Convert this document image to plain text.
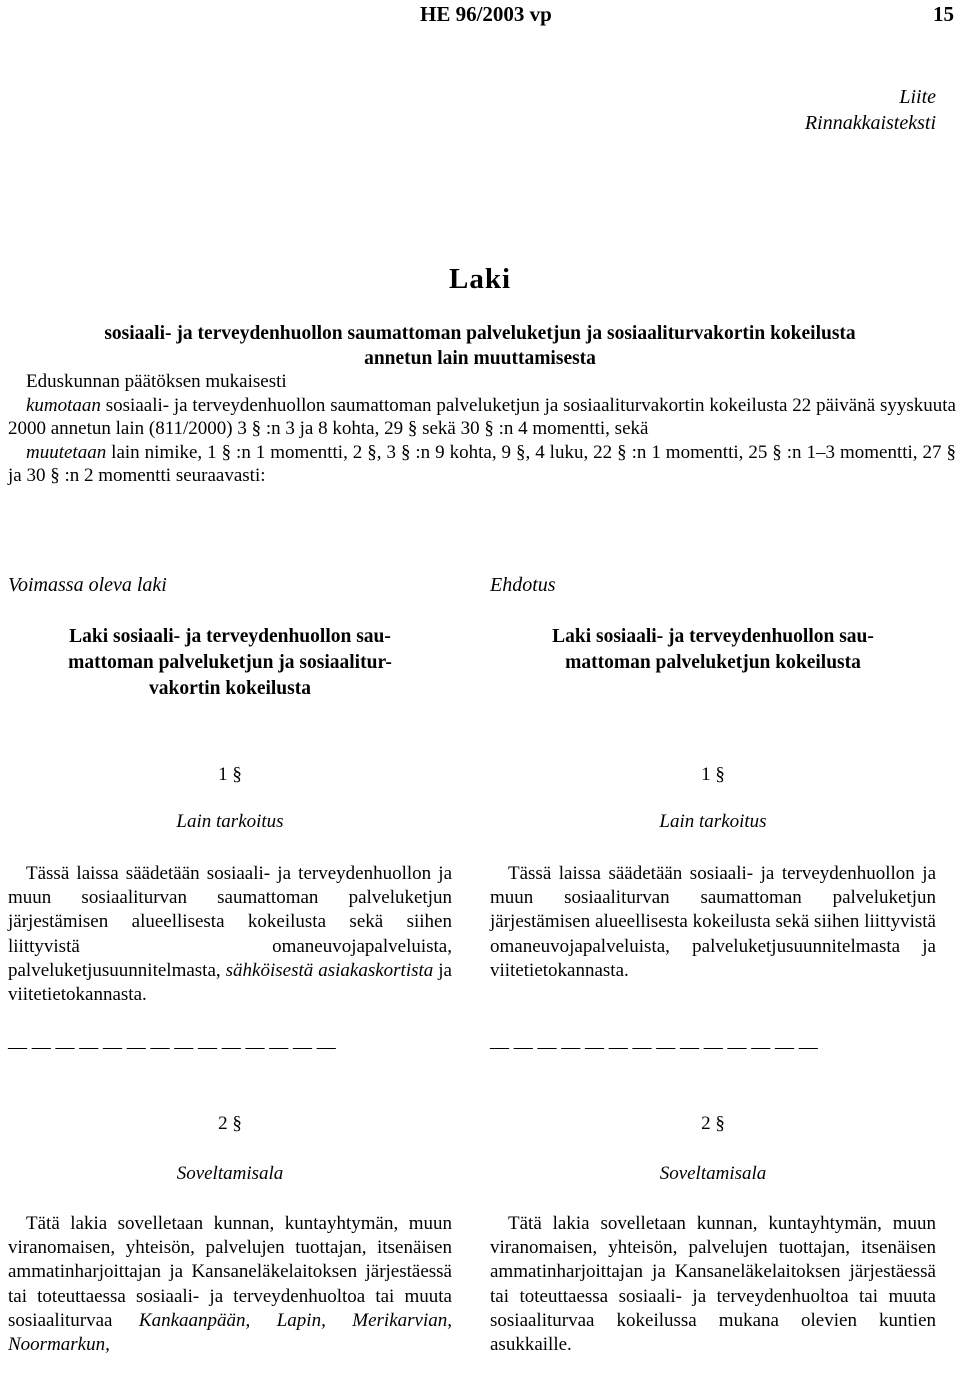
HE 96/2003 vp	15
Liite
Rinnakkaisteksti
Laki
sosiaali- ja terveydenhuollon saumattoman palveluketjun ja sosiaaliturvakortin kokeilusta
annetun lain muuttamisesta

Eduskunnan päätöksen mukaisesti

kumotaan sosiaali- ja terveydenhuollon saumattoman palveluketjun ja sosiaaliturvakortin kokeilusta 22 päivänä syyskuuta 2000 annetun lain (811/2000) 3 § :n 3 ja 8 kohta, 29 § sekä 30 § :n 4 momentti, sekä

muutetaan lain nimike, 1 § :n 1 momentti, 2 §, 3 § :n 9 kohta, 9 §, 4 luku, 22 § :n 1 momentti, 25 § :n 1–3 momentti, 27 § ja 30 § :n 2 momentti seuraavasti:

Voimassa oleva laki
Laki sosiaali- ja terveydenhuollon sau-
mattoman palveluketjun ja sosiaalitur-
vakortin kokeilusta
1 §
Lain tarkoitus

Tässä laissa säädetään sosiaali- ja terveydenhuollon ja muun sosiaaliturvan saumattoman palveluketjun järjestämisen alueellisesta kokeilusta sekä siihen liittyvistä omaneuvojapalveluista, palveluketjusuunnitelmasta, sähköisestä asiakaskortista ja viitetietokannasta.

— — — — — — — — — — — — — —
2 §
Soveltamisala

Tätä lakia sovelletaan kunnan, kuntayhtymän, muun viranomaisen, yhteisön, palvelujen tuottajan, itsenäisen ammatinharjoittajan ja Kansaneläkelaitoksen järjestäessä tai toteuttaessa sosiaali- ja terveydenhuoltoa tai muuta sosiaaliturvaa Kankaanpään, Lapin, Merikarvian, Noormarkun,

Ehdotus
Laki sosiaali- ja terveydenhuollon sau-
mattoman palveluketjun kokeilusta
1 §
Lain tarkoitus

Tässä laissa säädetään sosiaali- ja terveydenhuollon ja muun sosiaaliturvan saumattoman palveluketjun järjestämisen alueellisesta kokeilusta sekä siihen liittyvistä omaneuvojapalveluista, palveluketjusuunnitelmasta ja viitetietokannasta.

— — — — — — — — — — — — — —
2 §
Soveltamisala

Tätä lakia sovelletaan kunnan, kuntayhtymän, muun viranomaisen, yhteisön, palvelujen tuottajan, itsenäisen ammatinharjoittajan ja Kansaneläkelaitoksen järjestäessä tai toteuttaessa sosiaali- ja terveydenhuoltoa tai muuta sosiaaliturvaa kokeilussa mukana olevien kuntien asukkaille.
